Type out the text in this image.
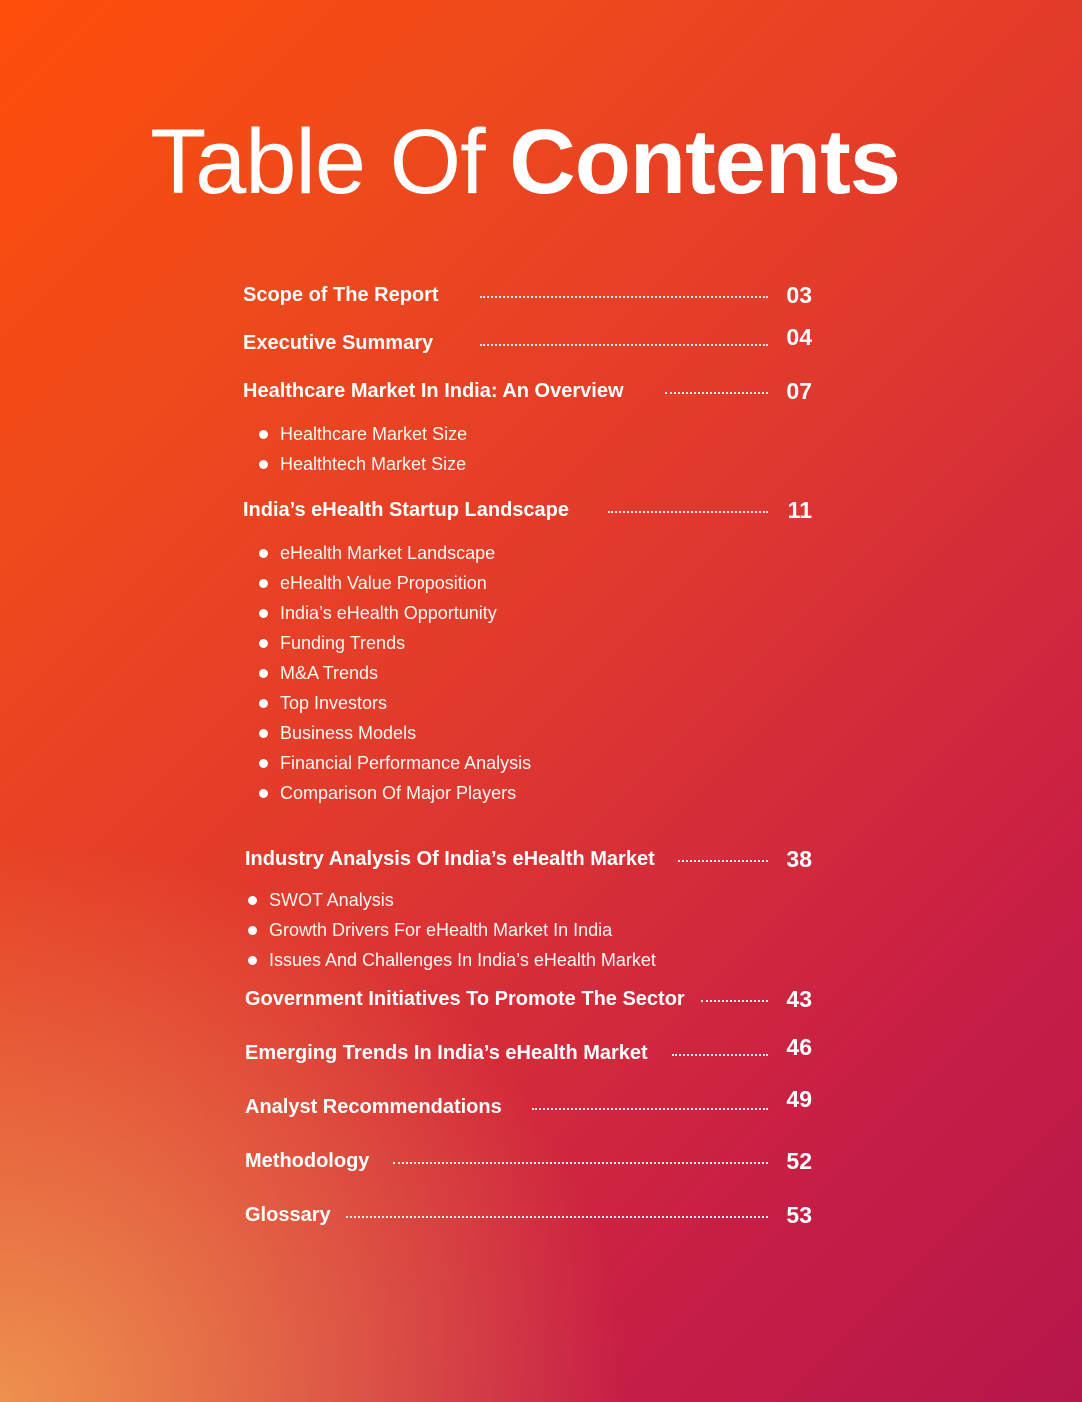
Table Of Contents
Scope of The Report	03
Executive Summary	04
Healthcare Market In India: An Overview	07
Healthcare Market Size
Healthtech Market Size
India’s eHealth Startup Landscape	11
eHealth Market Landscape
eHealth Value Proposition
India’s eHealth Opportunity
Funding Trends
M&A Trends
Top Investors
Business Models
Financial Performance Analysis
Comparison Of Major Players
Industry Analysis Of India’s eHealth Market	38
SWOT Analysis
Growth Drivers For eHealth Market In India
Issues And Challenges In India’s eHealth Market
Government Initiatives To Promote The Sector	43
Emerging Trends In India’s eHealth Market	46
Analyst Recommendations	49
Methodology	52
Glossary	53
